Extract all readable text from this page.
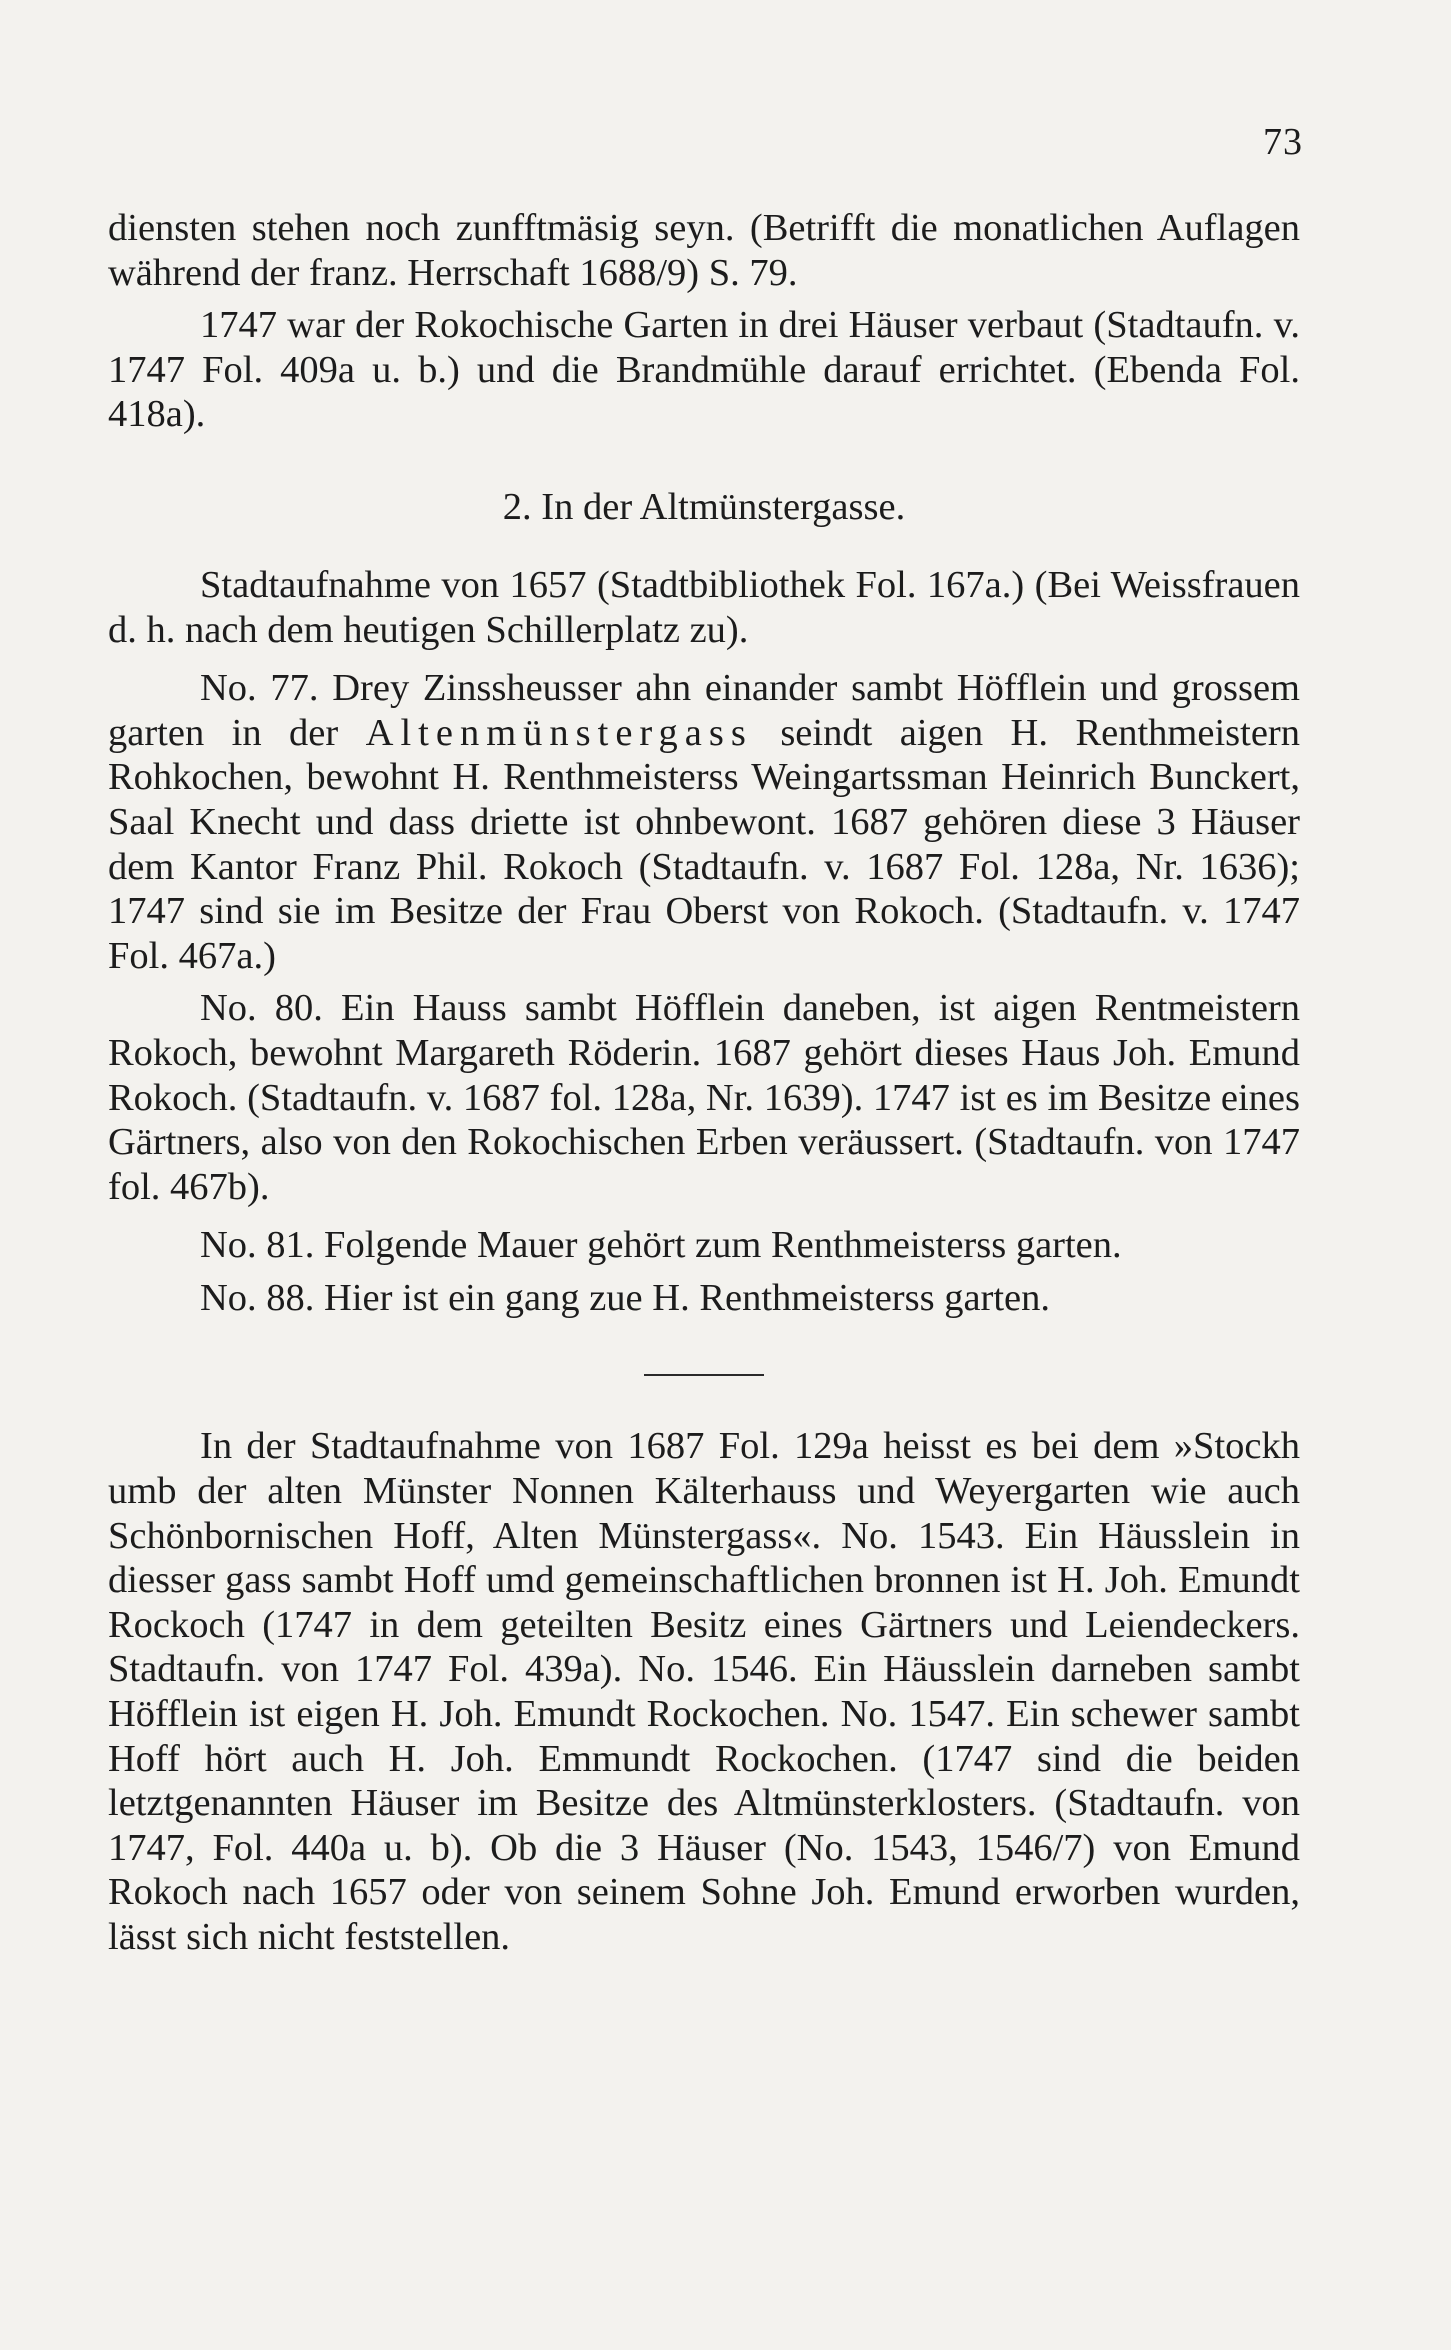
73

diensten stehen noch zunfftmäsig seyn. (Betrifft die monatlichen Auflagen während der franz. Herrschaft 1688/9) S. 79.

1747 war der Rokochische Garten in drei Häuser verbaut (Stadtaufn. v. 1747 Fol. 409a u. b.) und die Brandmühle darauf errichtet. (Ebenda Fol. 418a).

2. In der Altmünstergasse.

Stadtaufnahme von 1657 (Stadtbibliothek Fol. 167a.) (Bei Weissfrauen d. h. nach dem heutigen Schillerplatz zu).

No. 77. Drey Zinssheusser ahn einander sambt Höfflein und grossem garten in der Altenmünstergass seindt aigen H. Renthmeistern Rohkochen, bewohnt H. Renthmeisterss Weingartssman Heinrich Bunckert, Saal Knecht und dass driette ist ohnbewont. 1687 gehören diese 3 Häuser dem Kantor Franz Phil. Rokoch (Stadtaufn. v. 1687 Fol. 128a, Nr. 1636); 1747 sind sie im Besitze der Frau Oberst von Rokoch. (Stadtaufn. v. 1747 Fol. 467a.)

No. 80. Ein Hauss sambt Höfflein daneben, ist aigen Rentmeistern Rokoch, bewohnt Margareth Röderin. 1687 gehört dieses Haus Joh. Emund Rokoch. (Stadtaufn. v. 1687 fol. 128a, Nr. 1639). 1747 ist es im Besitze eines Gärtners, also von den Rokochischen Erben veräussert. (Stadtaufn. von 1747 fol. 467b).

No. 81. Folgende Mauer gehört zum Renthmeisterss garten.

No. 88. Hier ist ein gang zue H. Renthmeisterss garten.

In der Stadtaufnahme von 1687 Fol. 129a heisst es bei dem »Stockh umb der alten Münster Nonnen Kälterhauss und Weyergarten wie auch Schönbornischen Hoff, Alten Münstergass«. No. 1543. Ein Häusslein in diesser gass sambt Hoff umd gemeinschaftlichen bronnen ist H. Joh. Emundt Rockoch (1747 in dem geteilten Besitz eines Gärtners und Leiendeckers. Stadtaufn. von 1747 Fol. 439a). No. 1546. Ein Häusslein darneben sambt Höfflein ist eigen H. Joh. Emundt Rockochen. No. 1547. Ein schewer sambt Hoff hört auch H. Joh. Emmundt Rockochen. (1747 sind die beiden letztgenannten Häuser im Besitze des Altmünsterklosters. (Stadtaufn. von 1747, Fol. 440a u. b). Ob die 3 Häuser (No. 1543, 1546/7) von Emund Rokoch nach 1657 oder von seinem Sohne Joh. Emund erworben wurden, lässt sich nicht feststellen.
